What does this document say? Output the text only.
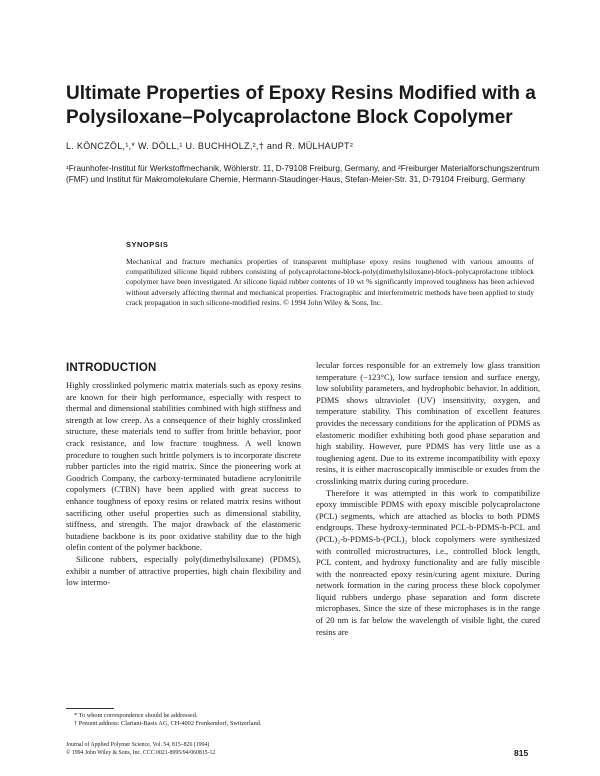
Ultimate Properties of Epoxy Resins Modified with a Polysiloxane–Polycaprolactone Block Copolymer

L. KÖNCZÖL,¹,* W. DÖLL,¹ U. BUCHHOLZ,²,† and R. MÜLHAUPT²

¹Fraunhofer-Institut für Werkstoffmechanik, Wöhlerstr. 11, D-79108 Freiburg, Germany, and ²Freiburger Materialforschungszentrum (FMF) und Institut für Makromolekulare Chemie, Hermann-Staudinger-Haus, Stefan-Meier-Str. 31, D-79104 Freiburg, Germany

SYNOPSIS

Mechanical and fracture mechanics properties of transparent multiphase epoxy resins toughened with various amounts of compatibilized silicone liquid rubbers consisting of polycaprolactone-block-poly(dimethylsiloxane)-block-polycaprolactone triblock copolymer have been investigated. At silicone liquid rubber contents of 10 wt % significantly improved toughness has been achieved without adversely affecting thermal and mechanical properties. Fractographic and interferometric methods have been applied to study crack propagation in such silicone-modified resins. © 1994 John Wiley & Sons, Inc.

INTRODUCTION

Highly crosslinked polymeric matrix materials such as epoxy resins are known for their high performance, especially with respect to thermal and dimensional stabilities combined with high stiffness and strength at low creep. As a consequence of their highly crosslinked structure, these materials tend to suffer from brittle behavior, poor crack resistance, and low fracture toughness. A well known procedure to toughen such brittle polymers is to incorporate discrete rubber particles into the rigid matrix. Since the pioneering work at Goodrich Company, the carboxy-terminated butadiene acrylonitrile copolymers (CTBN) have been applied with great success to enhance toughness of epoxy resins or related matrix resins without sacrificing other useful properties such as dimensional stability, stiffness, and strength. The major drawback of the elastomeric butadiene backbone is its poor oxidative stability due to the high olefin content of the polymer backbone.

Silicone rubbers, especially poly(dimethylsiloxane) (PDMS), exhibit a number of attractive properties, high chain flexibility and low intermo-

lecular forces responsible for an extremely low glass transition temperature (−123°C), low surface tension and surface energy, low solubility parameters, and hydrophobic behavior. In addition, PDMS shows ultraviolet (UV) insensitivity, oxygen, and temperature stability. This combination of excellent features provides the necessary conditions for the application of PDMS as elastomeric modifier exhibiting both good phase separation and high stability. However, pure PDMS has very little use as a toughening agent. Due to its extreme incompatibility with epoxy resins, it is either macroscopically immiscible or exudes from the crosslinking matrix during curing procedure.

Therefore it was attempted in this work to compatibilize epoxy immiscible PDMS with epoxy miscible polycaprolactone (PCL) segments, which are attached as blocks to both PDMS endgroups. These hydroxy-terminated PCL-b-PDMS-b-PCL and (PCL)₂-b-PDMS-b-(PCL)₂ block copolymers were synthesized with controlled microstructures, i.e., controlled block length, PCL content, and hydroxy functionality and are fully miscible with the nonreacted epoxy resin/curing agent mixture. During network formation in the curing process these block copolymer liquid rubbers undergo phase separation and form discrete microphases. Since the size of these microphases is in the range of 20 nm is far below the wavelength of visible light, the cured resins are

* To whom correspondence should be addressed.
† Present address: Clariant-Basis AG, CH-4002 Frenkendorf, Switzerland.
Journal of Applied Polymer Science, Vol. 54, 815–826 (1994)
© 1994 John Wiley & Sons, Inc. CCC 0021-8995/94/060815-12	815
